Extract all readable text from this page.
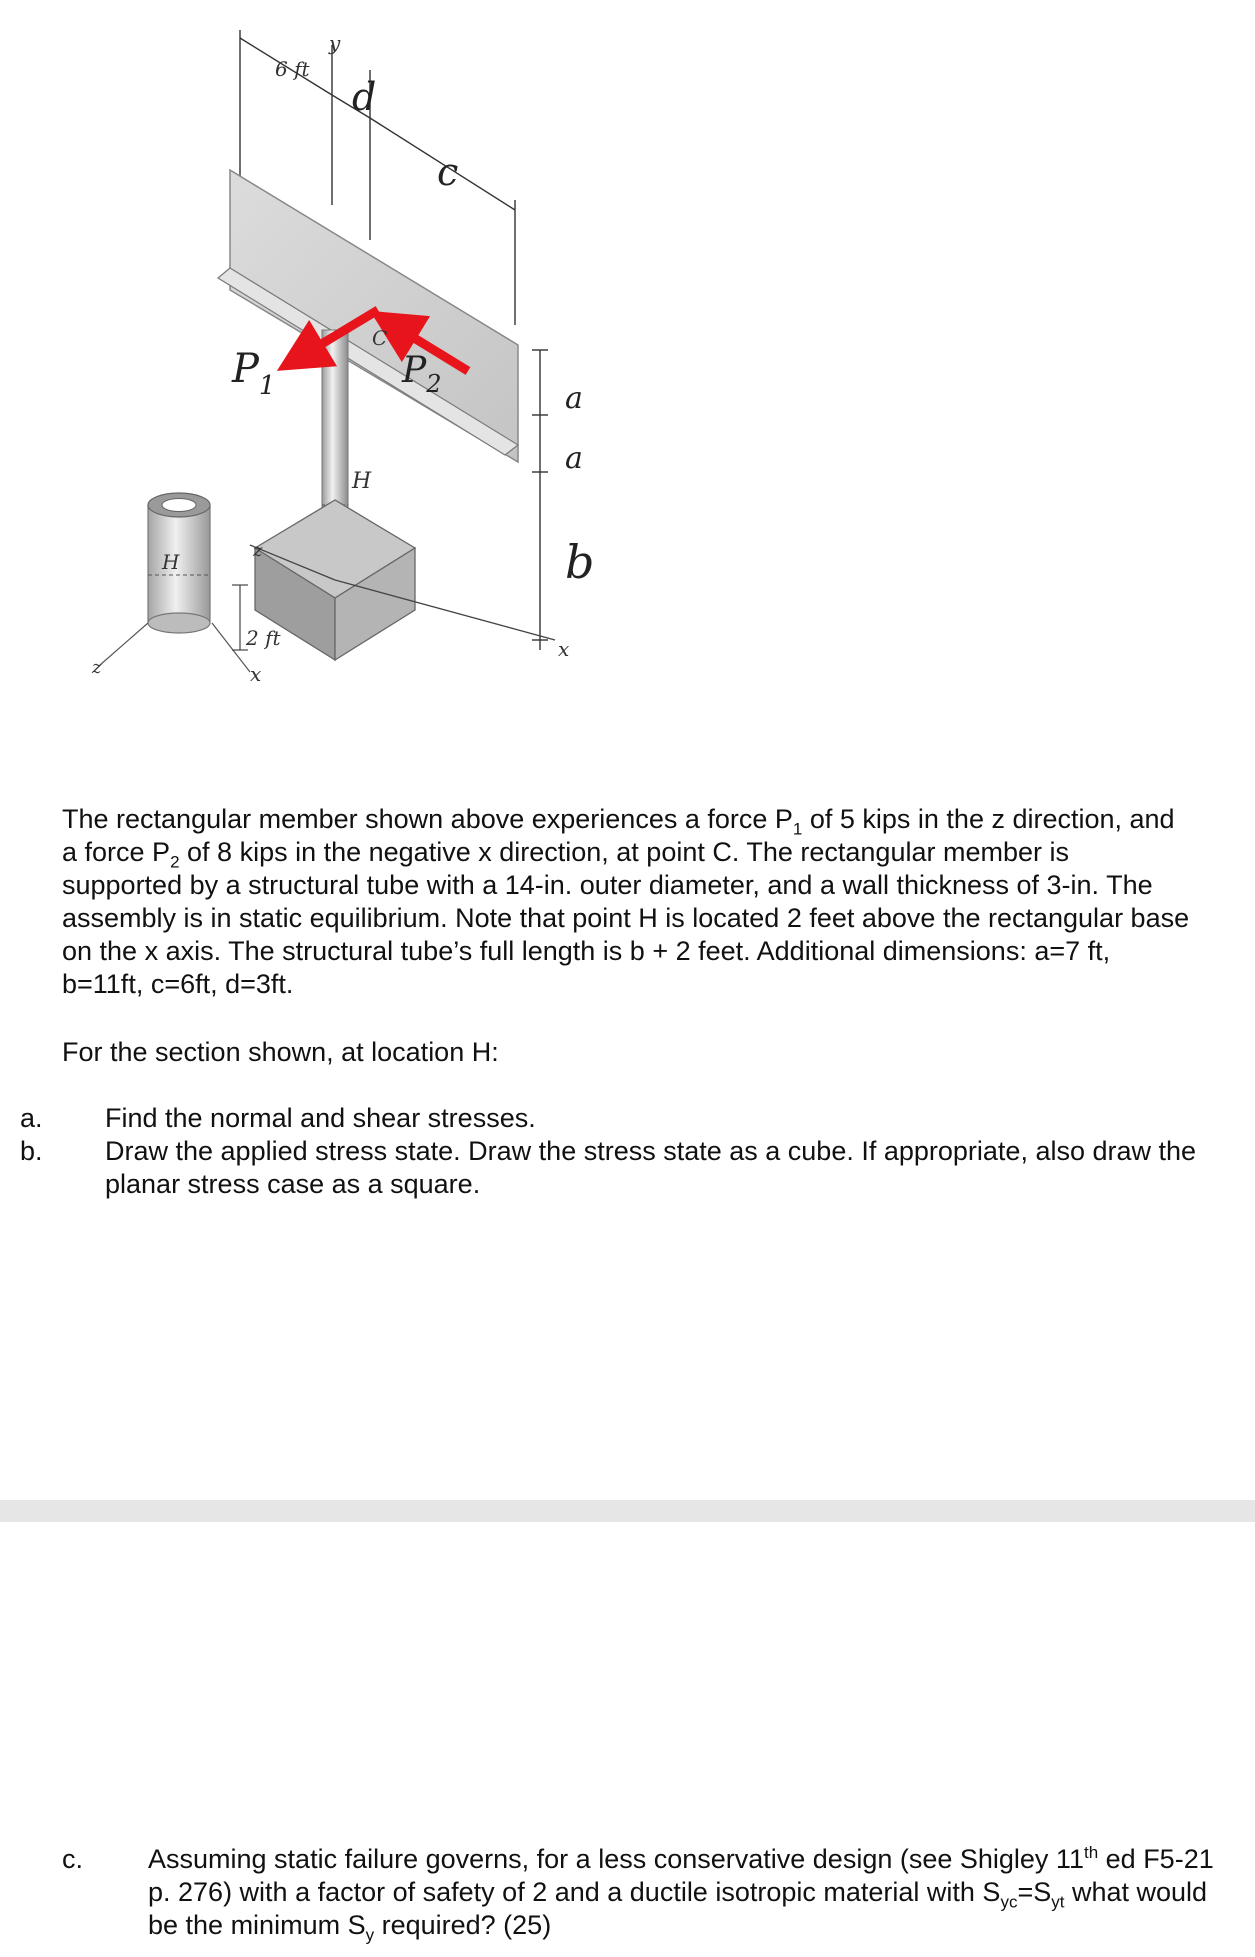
6 ft
y
d
c
C
$P_1$	$P_2$	a
a
H
b
x
z
2 ft
x
z
H
The rectangular member shown above experiences a force $P_1$ of 5 kips in the z direction, and a force $P_2$ of 8 kips in the negative x direction, at point C. The rectangular member is supported by a structural tube with a 14-in. outer diameter, and a wall thickness of 3-in. The assembly is in static equilibrium. Note that point H is located 2 feet above the rectangular base on the x axis. The structural tube’s full length is b + 2 feet. Additional dimensions: a=7 ft, b=11ft, c=6ft, d=3ft.
For the section shown, at location H:
a. Find the normal and shear stresses.
b. Draw the applied stress state. Draw the stress state as a cube. If appropriate, also draw the planar stress case as a square.
c. Assuming static failure governs, for a less conservative design (see Shigley 11th ed F5-21 p. 276) with a factor of safety of 2 and a ductile isotropic material with $S_{yc}=S_{yt}$ what would be the minimum $S_y$ required? (25)
